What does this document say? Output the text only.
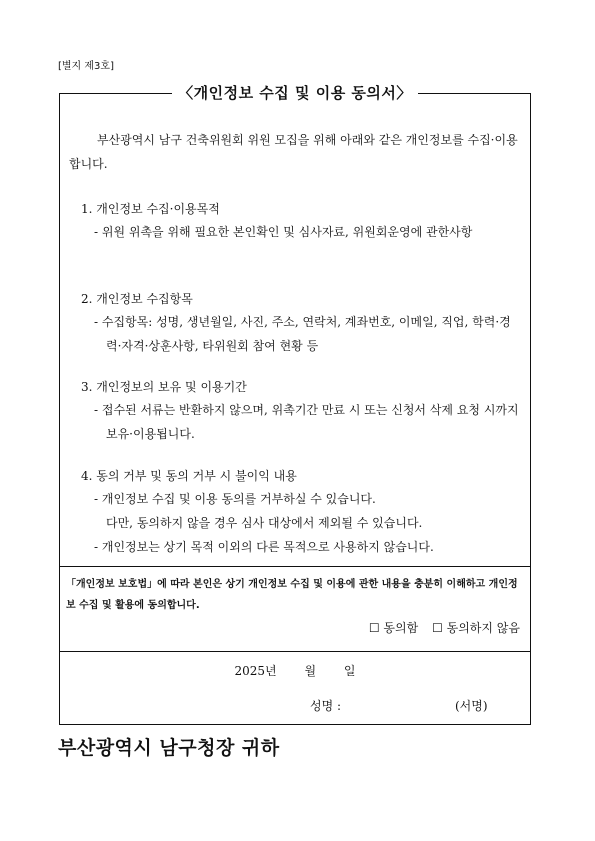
[별지 제3호]
〈개인정보 수집 및 이용 동의서〉
부산광역시 남구 건축위원회 위원 모집을 위해 아래와 같은 개인정보를 수집·이용합니다.
1. 개인정보 수집·이용목적
- 위원 위촉을 위해 필요한 본인확인 및 심사자료, 위원회운영에 관한사항
2. 개인정보 수집항목
- 수집항목: 성명, 생년월일, 사진, 주소, 연락처, 계좌번호, 이메일, 직업, 학력·경력·자격·상훈사항, 타위원회 참여 현황 등
3. 개인정보의 보유 및 이용기간
- 접수된 서류는 반환하지 않으며, 위촉기간 만료 시 또는 신청서 삭제 요청 시까지 보유·이용됩니다.
4. 동의 거부 및 동의 거부 시 불이익 내용
- 개인정보 수집 및 이용 동의를 거부하실 수 있습니다.
다만, 동의하지 않을 경우 심사 대상에서 제외될 수 있습니다.
- 개인정보는 상기 목적 이외의 다른 목적으로 사용하지 않습니다.
「개인정보 보호법」에 따라 본인은 상기 개인정보 수집 및 이용에 관한 내용을 충분히 이해하고 개인정보 수집 및 활용에 동의합니다.
☐ 동의함 ☐ 동의하지 않음
2025년 월 일
성명 :	(서명)
부산광역시 남구청장 귀하
